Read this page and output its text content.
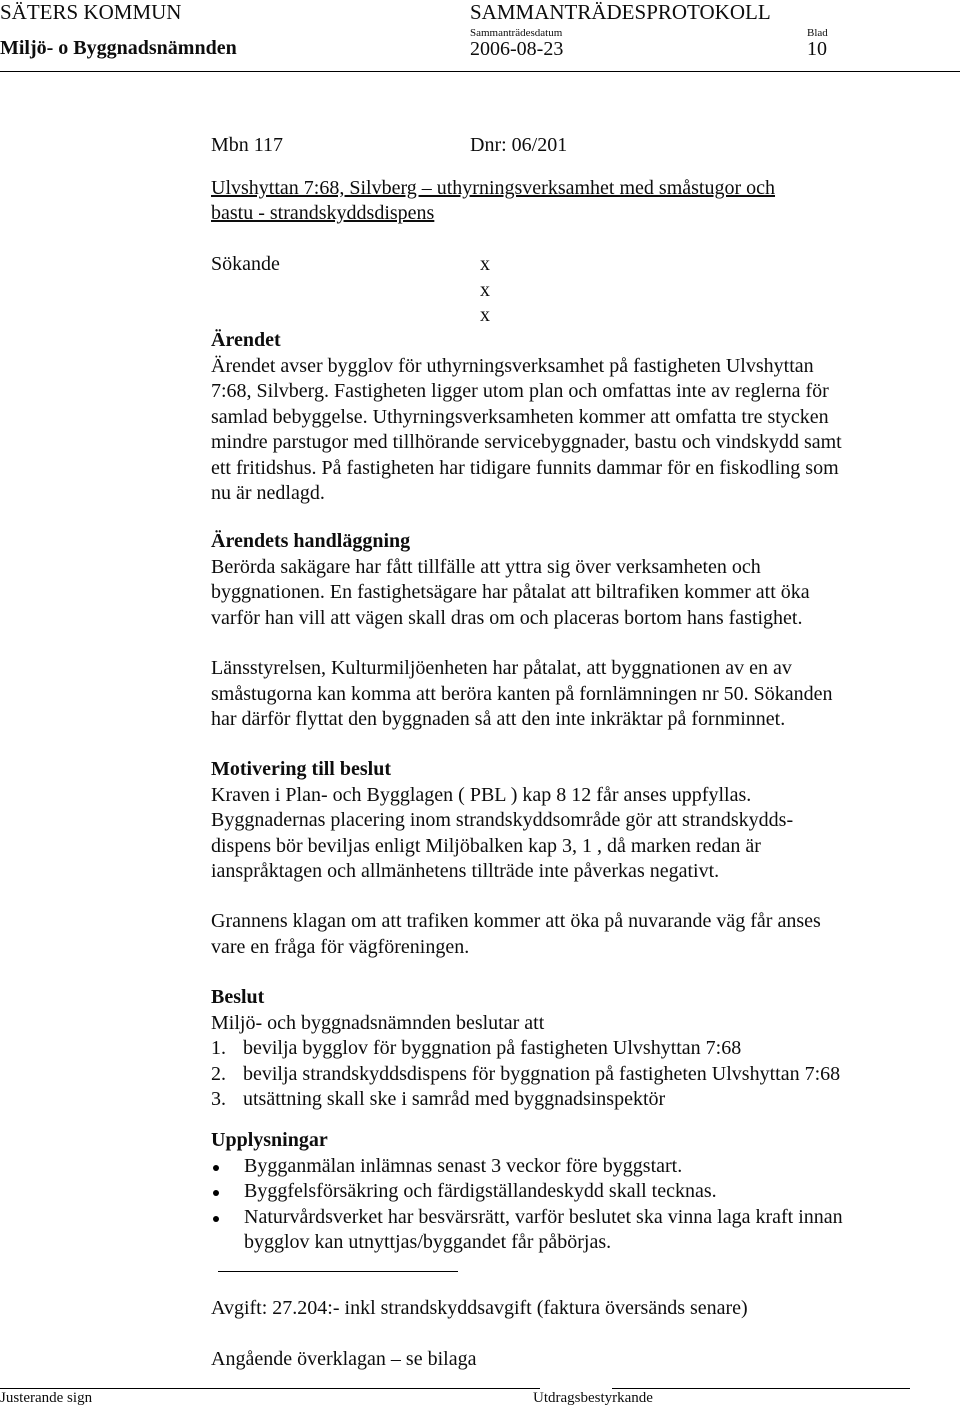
SÄTERS KOMMUN	SAMMANTRÄDESPROTOKOLL
Miljö- o Byggnadsnämnden
Sammanträdesdatum
2006-08-23
Blad
10
Mbn 117	Dnr: 06/201
Ulvshyttan 7:68, Silvberg – uthyrningsverksamhet med småstugor och
bastu - strandskyddsdispens
Sökande	x
x
x
Ärendet
Ärendet avser bygglov för uthyrningsverksamhet på fastigheten Ulvshyttan
7:68, Silvberg. Fastigheten ligger utom plan och omfattas inte av reglerna för
samlad bebyggelse. Uthyrningsverksamheten kommer att omfatta tre stycken
mindre parstugor med tillhörande servicebyggnader, bastu och vindskydd samt
ett fritidshus. På fastigheten har tidigare funnits dammar för en fiskodling som
nu är nedlagd.
Ärendets handläggning
Berörda sakägare har fått tillfälle att yttra sig över verksamheten och
byggnationen. En fastighetsägare har påtalat att biltrafiken kommer att öka
varför han vill att vägen skall dras om och placeras bortom hans fastighet.
Länsstyrelsen, Kulturmiljöenheten har påtalat, att byggnationen av en av
småstugorna kan komma att beröra kanten på fornlämningen nr 50. Sökanden
har därför flyttat den byggnaden så att den inte inkräktar på fornminnet.
Motivering till beslut
Kraven i Plan- och Bygglagen ( PBL ) kap 8 12 får anses uppfyllas.
Byggnadernas placering inom strandskyddsområde gör att strandskydds-
dispens bör beviljas enligt Miljöbalken kap 3, 1 , då marken redan är
ianspråktagen och allmänhetens tillträde inte påverkas negativt.
Grannens klagan om att trafiken kommer att öka på nuvarande väg får anses
vare en fråga för vägföreningen.
Beslut
Miljö- och byggnadsnämnden beslutar att
1. bevilja bygglov för byggnation på fastigheten Ulvshyttan 7:68
2. bevilja strandskyddsdispens för byggnation på fastigheten Ulvshyttan 7:68
3. utsättning skall ske i samråd med byggnadsinspektör
Upplysningar
Bygganmälan inlämnas senast 3 veckor före byggstart.
Byggfelsförsäkring och färdigställandeskydd skall tecknas.
Naturvårdsverket har besvärsrätt, varför beslutet ska vinna laga kraft innan
bygglov kan utnyttjas/byggandet får påbörjas.
Avgift: 27.204:- inkl strandskyddsavgift (faktura översänds senare)
Angående överklagan – se bilaga
Justerande sign	Utdragsbestyrkande
